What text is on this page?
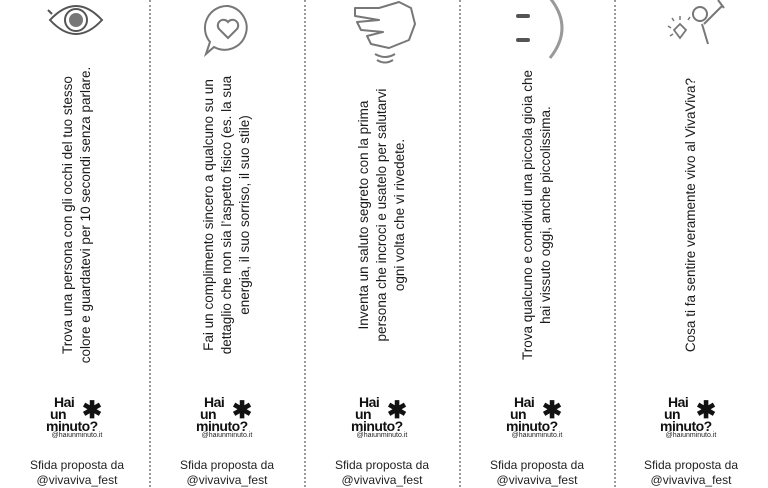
Trova una persona con gli occhi del tuo stesso colore e guardatevi per 10 secondi senza parlare.
Hai
un
minuto?
✱
@haiunminuto.it
Sfida proposta da
@vivaviva_fest
Fai un complimento sincero a qualcuno su un dettaglio che non sia l’aspetto fisico (es. la sua energia, il suo sorriso, il suo stile)
Hai
un
minuto?
✱
@haiunminuto.it
Sfida proposta da
@vivaviva_fest
Inventa un saluto segreto con la prima persona che incroci e usatelo per salutarvi ogni volta che vi rivedete.
Hai
un
minuto?
✱
@haiunminuto.it
Sfida proposta da
@vivaviva_fest
Trova qualcuno e condividi una piccola gioia che hai vissuto oggi, anche piccolissima.
Hai
un
minuto?
✱
@haiunminuto.it
Sfida proposta da
@vivaviva_fest
Cosa ti fa sentire veramente vivo al VivaViva?
Hai
un
minuto?
✱
@haiunminuto.it
Sfida proposta da
@vivaviva_fest
